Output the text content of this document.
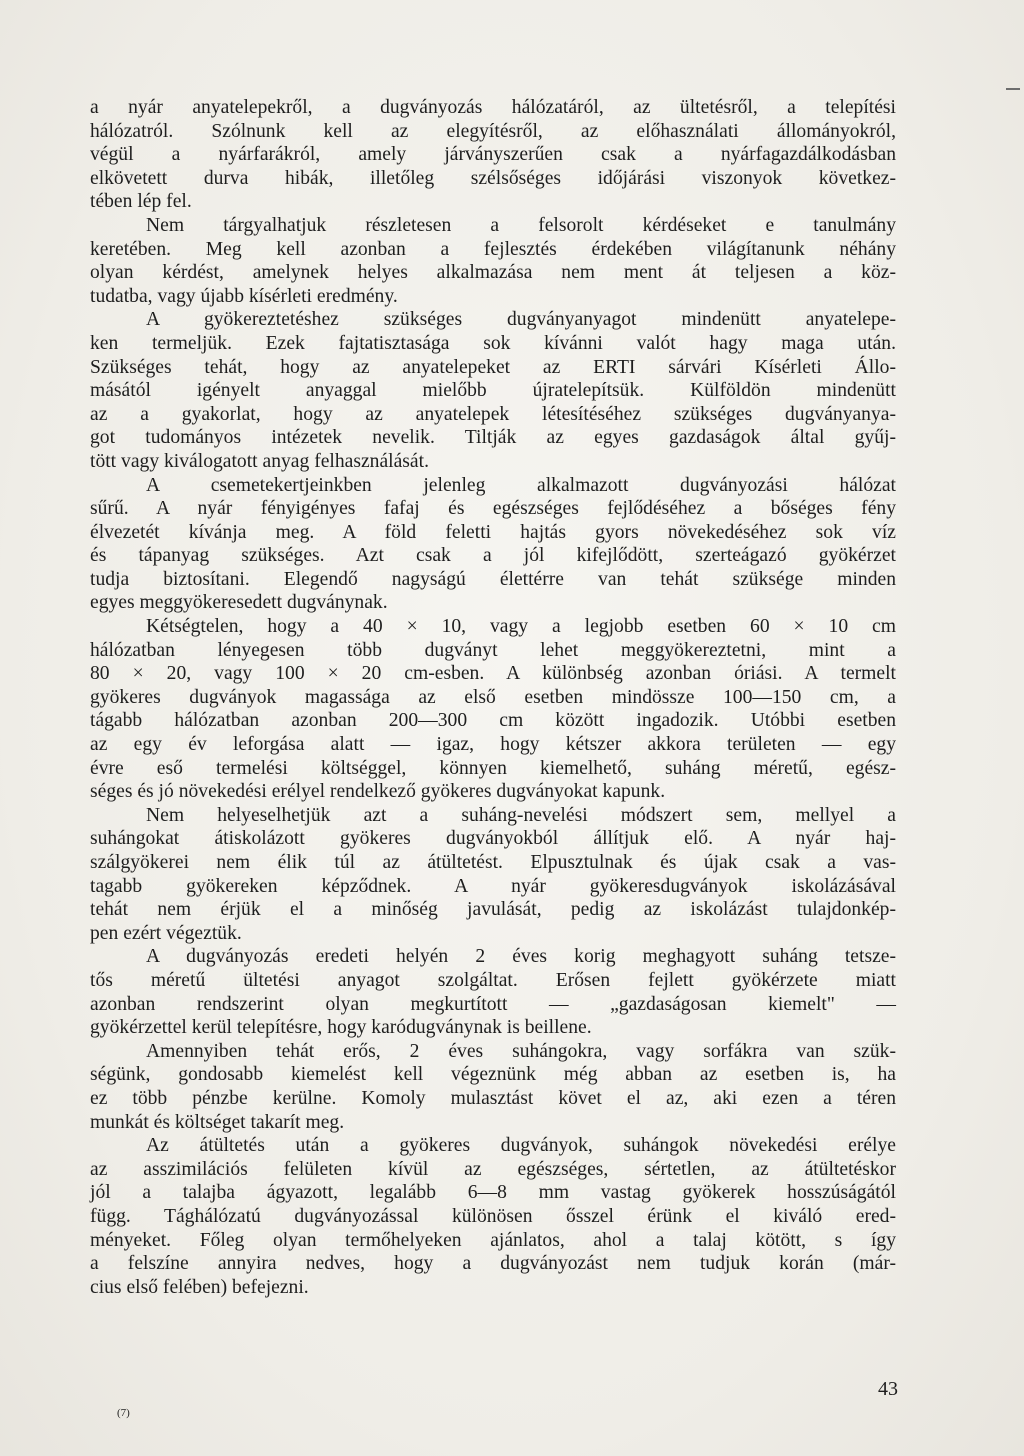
a nyár anyatelepekről, a dugványozás hálózatáról, az ültetésről, a telepítési
hálózatról. Szólnunk kell az elegyítésről, az előhasználati állományokról,
végül a nyárfarákról, amely járványszerűen csak a nyárfagazdálkodásban
elkövetett durva hibák, illetőleg szélsőséges időjárási viszonyok következ-
tében lép fel.
Nem tárgyalhatjuk részletesen a felsorolt kérdéseket e tanulmány
keretében. Meg kell azonban a fejlesztés érdekében világítanunk néhány
olyan kérdést, amelynek helyes alkalmazása nem ment át teljesen a köz-
tudatba, vagy újabb kísérleti eredmény.
A gyökereztetéshez szükséges dugványanyagot mindenütt anyatelepe-
ken termeljük. Ezek fajtatisztasága sok kívánni valót hagy maga után.
Szükséges tehát, hogy az anyatelepeket az ERTI sárvári Kísérleti Állo-
másától igényelt anyaggal mielőbb újratelepítsük. Külföldön mindenütt
az a gyakorlat, hogy az anyatelepek létesítéséhez szükséges dugványanya-
got tudományos intézetek nevelik. Tiltják az egyes gazdaságok által gyűj-
tött vagy kiválogatott anyag felhasználását.
A csemetekertjeinkben jelenleg alkalmazott dugványozási hálózat
sűrű. A nyár fényigényes fafaj és egészséges fejlődéséhez a bőséges fény
élvezetét kívánja meg. A föld feletti hajtás gyors növekedéséhez sok víz
és tápanyag szükséges. Azt csak a jól kifejlődött, szerteágazó gyökérzet
tudja biztosítani. Elegendő nagyságú élettérre van tehát szüksége minden
egyes meggyökeresedett dugványnak.
Kétségtelen, hogy a 40 × 10, vagy a legjobb esetben 60 × 10 cm
hálózatban lényegesen több dugványt lehet meggyökereztetni, mint a
80 × 20, vagy 100 × 20 cm-esben. A különbség azonban óriási. A termelt
gyökeres dugványok magassága az első esetben mindössze 100—150 cm, a
tágabb hálózatban azonban 200—300 cm között ingadozik. Utóbbi esetben
az egy év leforgása alatt — igaz, hogy kétszer akkora területen — egy
évre eső termelési költséggel, könnyen kiemelhető, suháng méretű, egész-
séges és jó növekedési erélyel rendelkező gyökeres dugványokat kapunk.
Nem helyeselhetjük azt a suháng-nevelési módszert sem, mellyel a
suhángokat átiskolázott gyökeres dugványokból állítjuk elő. A nyár haj-
szálgyökerei nem élik túl az átültetést. Elpusztulnak és újak csak a vas-
tagabb gyökereken képződnek. A nyár gyökeresdugványok iskolázásával
tehát nem érjük el a minőség javulását, pedig az iskolázást tulajdonkép-
pen ezért végeztük.
A dugványozás eredeti helyén 2 éves korig meghagyott suháng tetsze-
tős méretű ültetési anyagot szolgáltat. Erősen fejlett gyökérzete miatt
azonban rendszerint olyan megkurtított — „gazdaságosan kiemelt" —
gyökérzettel kerül telepítésre, hogy karódugványnak is beillene.
Amennyiben tehát erős, 2 éves suhángokra, vagy sorfákra van szük-
ségünk, gondosabb kiemelést kell végeznünk még abban az esetben is, ha
ez több pénzbe kerülne. Komoly mulasztást követ el az, aki ezen a téren
munkát és költséget takarít meg.
Az átültetés után a gyökeres dugványok, suhángok növekedési erélye
az asszimilációs felületen kívül az egészséges, sértetlen, az átültetéskor
jól a talajba ágyazott, legalább 6—8 mm vastag gyökerek hosszúságától
függ. Tághálózatú dugványozással különösen ősszel érünk el kiváló ered-
ményeket. Főleg olyan termőhelyeken ajánlatos, ahol a talaj kötött, s így
a felszíne annyira nedves, hogy a dugványozást nem tudjuk korán (már-
cius első felében) befejezni.
43
(7)
